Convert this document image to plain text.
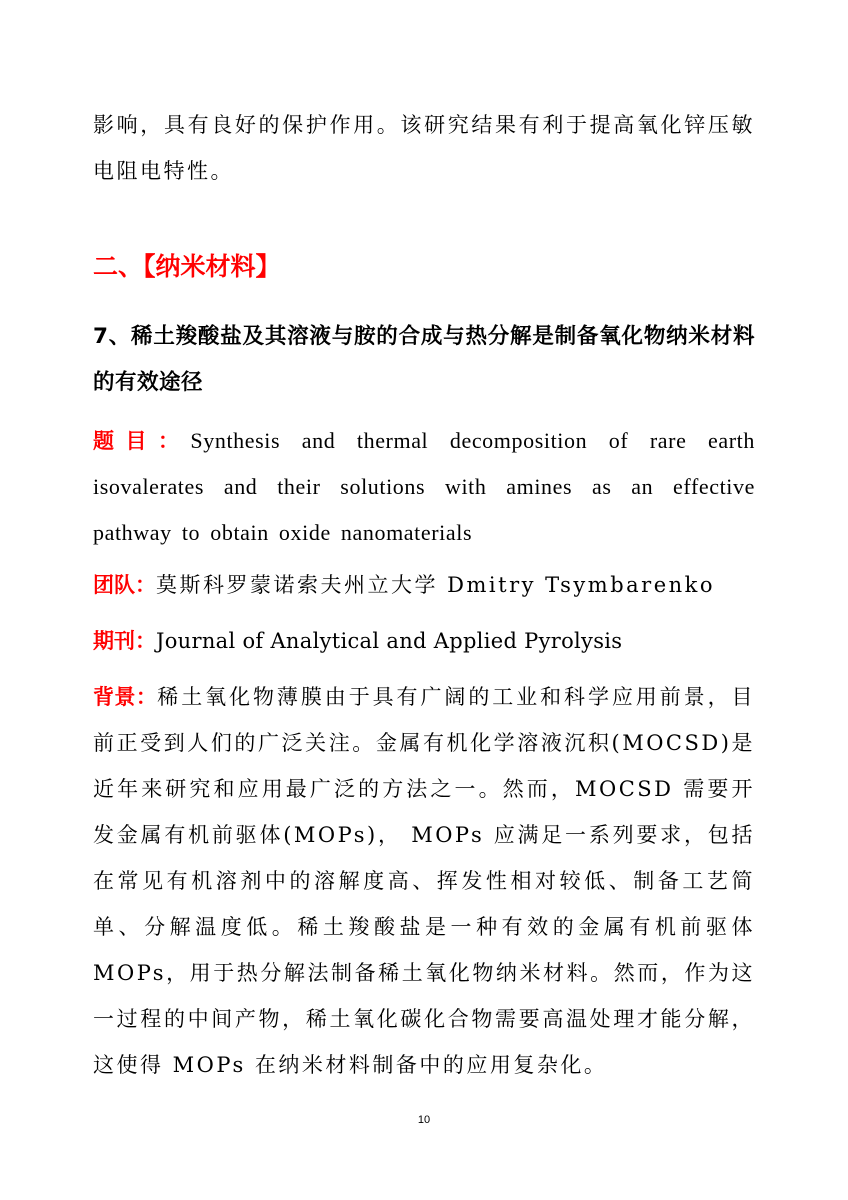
影响，具有良好的保护作用。该研究结果有利于提高氧化锌压敏电阻电特性。

二、【纳米材料】
7、稀土羧酸盐及其溶液与胺的合成与热分解是制备氧化物纳米材料的有效途径

题目：Synthesis and thermal decomposition of rare earth isovalerates and their solutions with amines as an effective pathway to obtain oxide nanomaterials

团队：莫斯科罗蒙诺索夫州立大学 Dmitry Tsymbarenko

期刊：Journal of Analytical and Applied Pyrolysis

背景：稀土氧化物薄膜由于具有广阔的工业和科学应用前景，目前正受到人们的广泛关注。金属有机化学溶液沉积(MOCSD)是近年来研究和应用最广泛的方法之一。然而，MOCSD 需要开发金属有机前驱体(MOPs)， MOPs 应满足一系列要求，包括在常见有机溶剂中的溶解度高、挥发性相对较低、制备工艺简单、分解温度低。稀土羧酸盐是一种有效的金属有机前驱体 MOPs，用于热分解法制备稀土氧化物纳米材料。然而，作为这一过程的中间产物，稀土氧化碳化合物需要高温处理才能分解，这使得 MOPs 在纳米材料制备中的应用复杂化。

10
